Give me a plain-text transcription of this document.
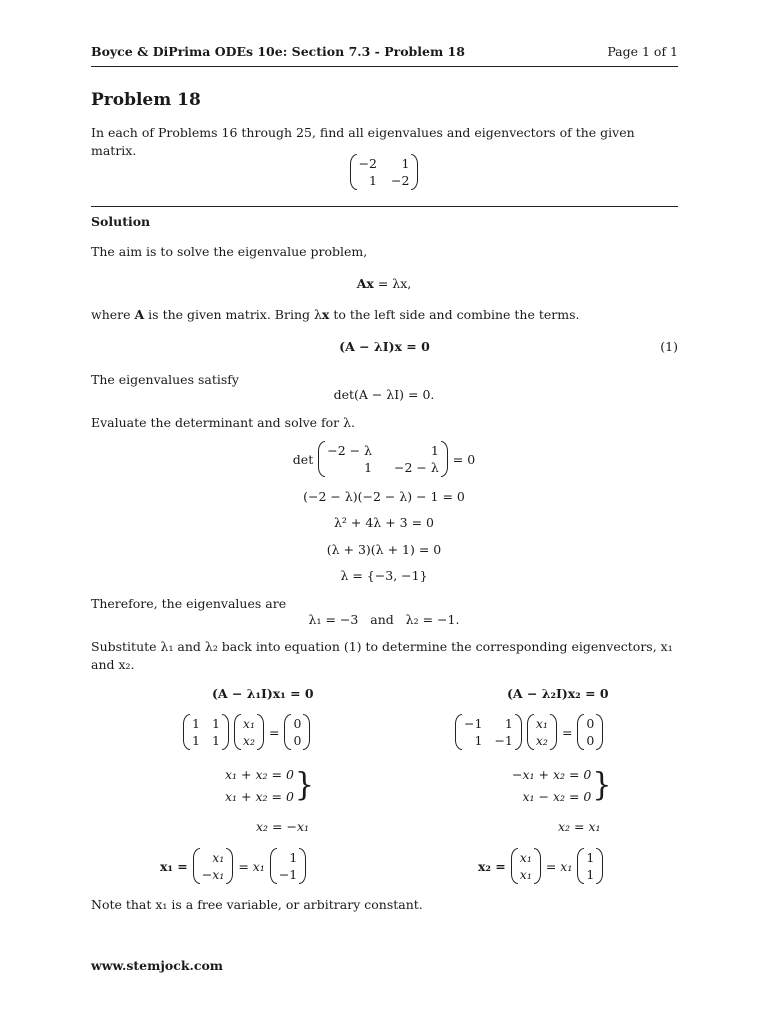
Boyce & DiPrima ODEs 10e: Section 7.3 - Problem 18	Page 1 of 1
Problem 18
In each of Problems 16 through 25, find all eigenvalues and eigenvectors of the given matrix.
−2	1
1 −2
Solution
The aim is to solve the eigenvalue problem,
Ax = λx,
where A is the given matrix. Bring λx to the left side and combine the terms.
(A − λI)x = 0	(1)
The eigenvalues satisfy
det(A − λI) = 0.
Evaluate the determinant and solve for λ.
det
−2 − λ	1
1 −2 − λ
= 0
(−2 − λ)(−2 − λ) − 1 = 0
λ² + 4λ + 3 = 0
(λ + 3)(λ + 1) = 0
λ = {−3, −1}
Therefore, the eigenvalues are
λ₁ = −3   and   λ₂ = −1.
Substitute λ₁ and λ₂ back into equation (1) to determine the corresponding eigenvectors, x₁ and x₂.
(A − λ₁I)x₁ = 0
1 1
1 1
x₁
x₂
=
0
0
x₁ + x₂ = 0
x₁ + x₂ = 0 }
x₂ = −x₁
x₁ =
x₁
−x₁
= x₁
1
−1
(A − λ₂I)x₂ = 0
−1	1
1 −1
x₁
x₂
=
0
0
−x₁ + x₂ = 0
x₁ − x₂ = 0 }
x₂ = x₁
x₂ =
x₁
x₁
= x₁
1
1
Note that x₁ is a free variable, or arbitrary constant.
www.stemjock.com
